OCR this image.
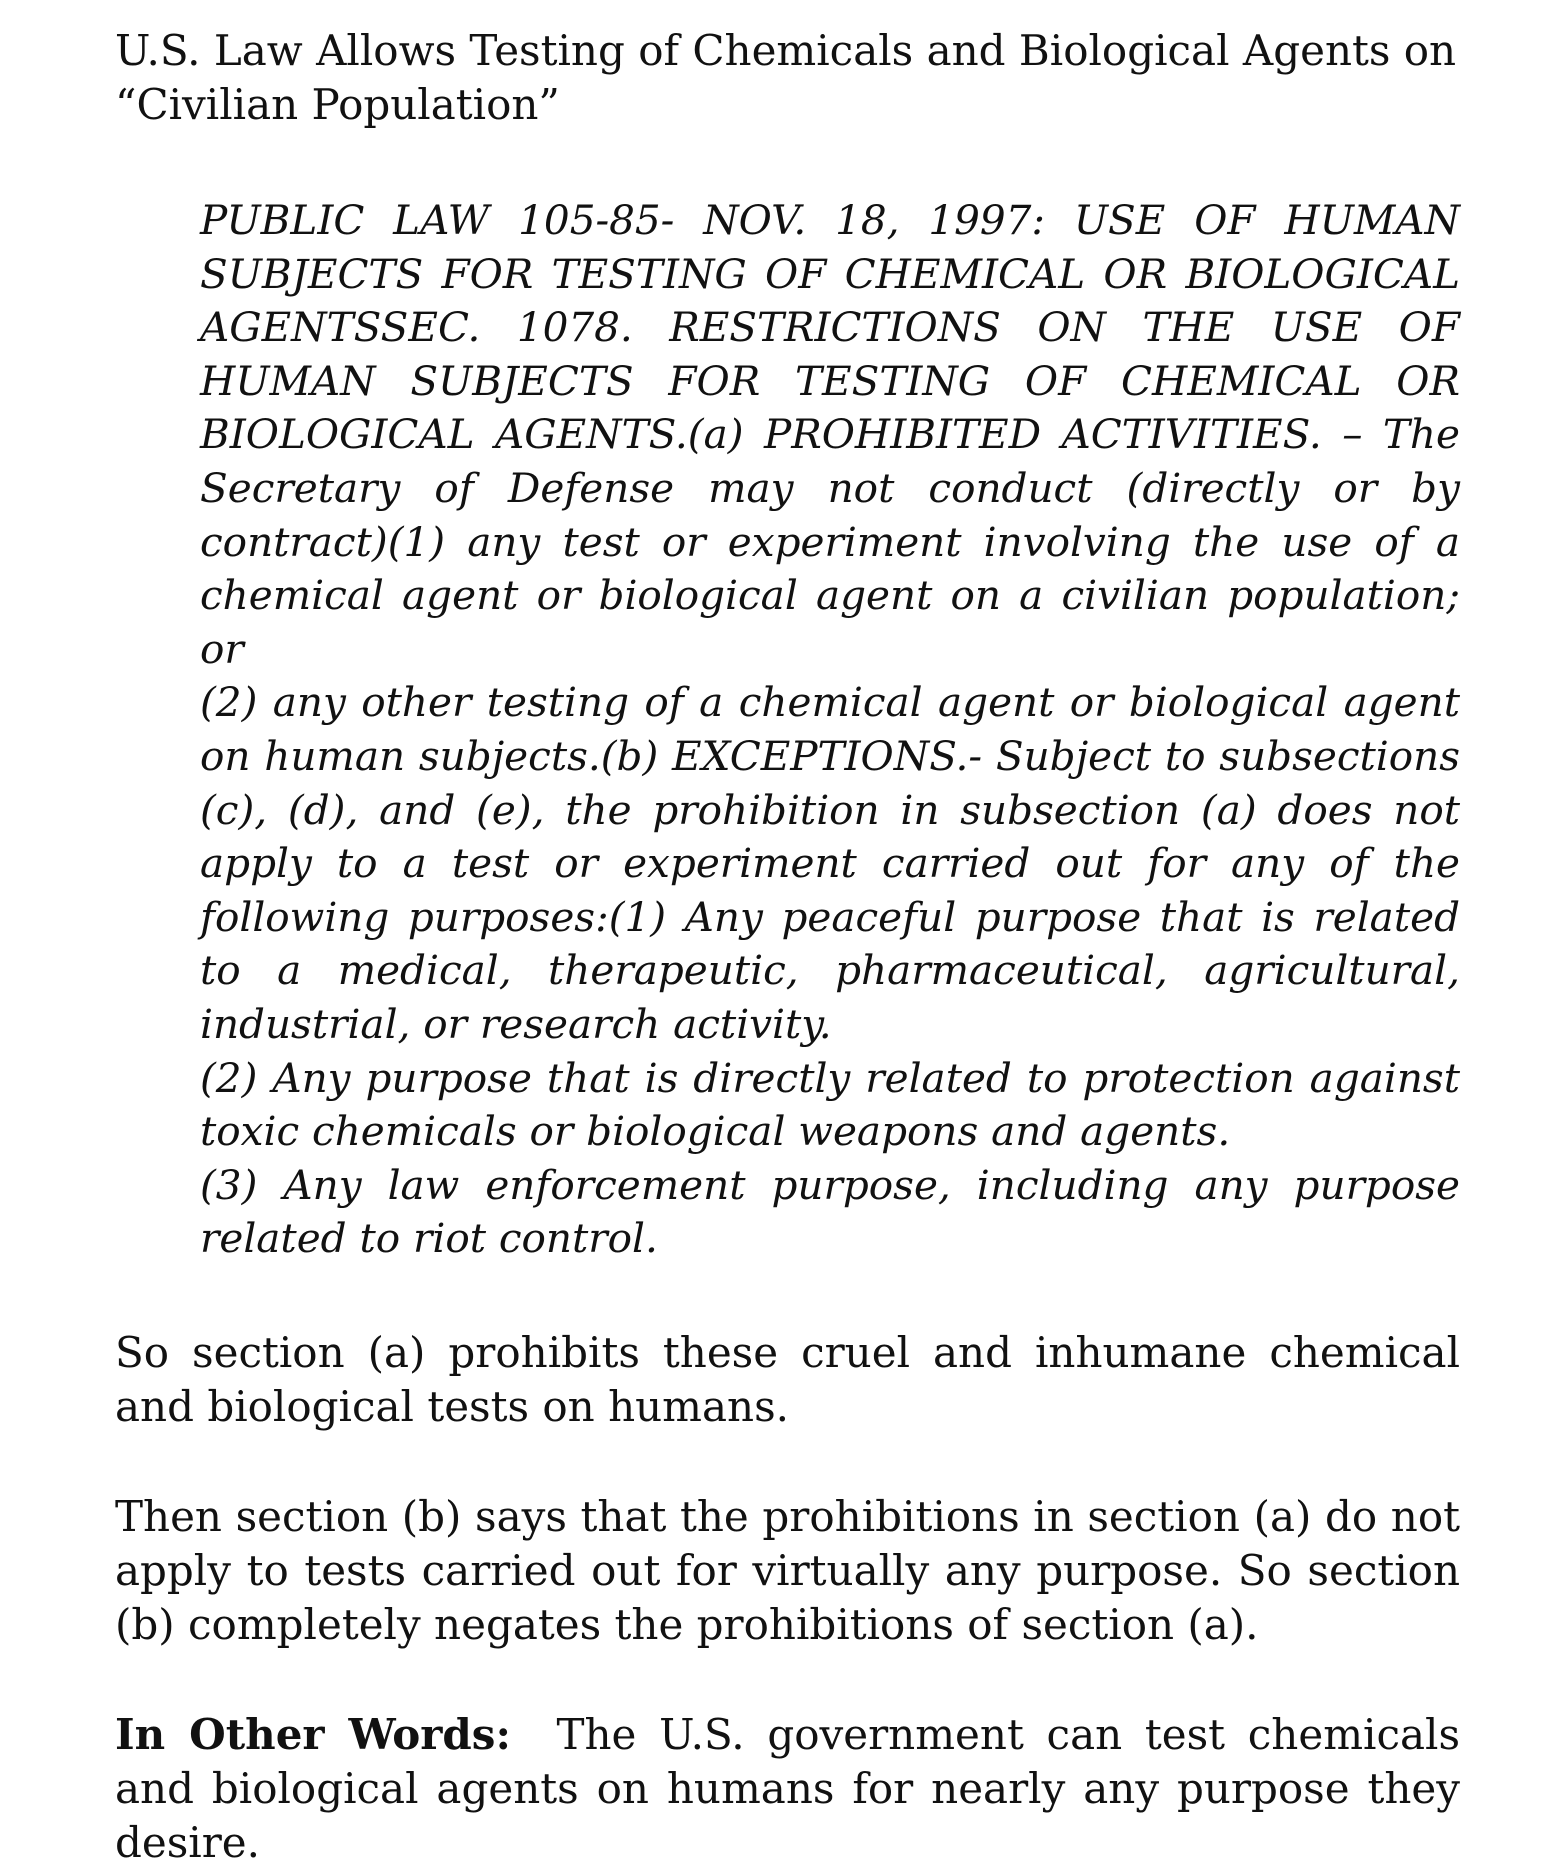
U.S. Law Allows Testing of Chemicals and Biological Agents on
“Civilian Population”

PUBLIC LAW 105-85- NOV. 18, 1997: USE OF HUMAN SUBJECTS FOR TESTING OF CHEMICAL OR BIOLOGICAL AGENTSSEC. 1078. RESTRICTIONS ON THE USE OF HUMAN SUBJECTS FOR TESTING OF CHEMICAL OR BIOLOGICAL AGENTS.(a) PROHIBITED ACTIVITIES. – The Secretary of Defense may not conduct (directly or by contract)(1) any test or experiment involving the use of a chemical agent or biological agent on a civilian population; or

(2) any other testing of a chemical agent or biological agent on human subjects.(b) EXCEPTIONS.- Subject to subsections (c), (d), and (e), the prohibition in subsection (a) does not apply to a test or experiment carried out for any of the following purposes:(1) Any peaceful purpose that is related to a medical, therapeutic, pharmaceutical, agricultural, industrial, or research activity.

(2) Any purpose that is directly related to protection against toxic chemicals or biological weapons and agents.

(3) Any law enforcement purpose, including any purpose related to riot control.

So section (a) prohibits these cruel and inhumane chemical and biological tests on humans.

Then section (b) says that the prohibitions in section (a) do not apply to tests carried out for virtually any purpose. So section (b) completely negates the prohibitions of section (a).

In Other Words: The U.S. government can test chemicals and biological agents on humans for nearly any purpose they desire.
